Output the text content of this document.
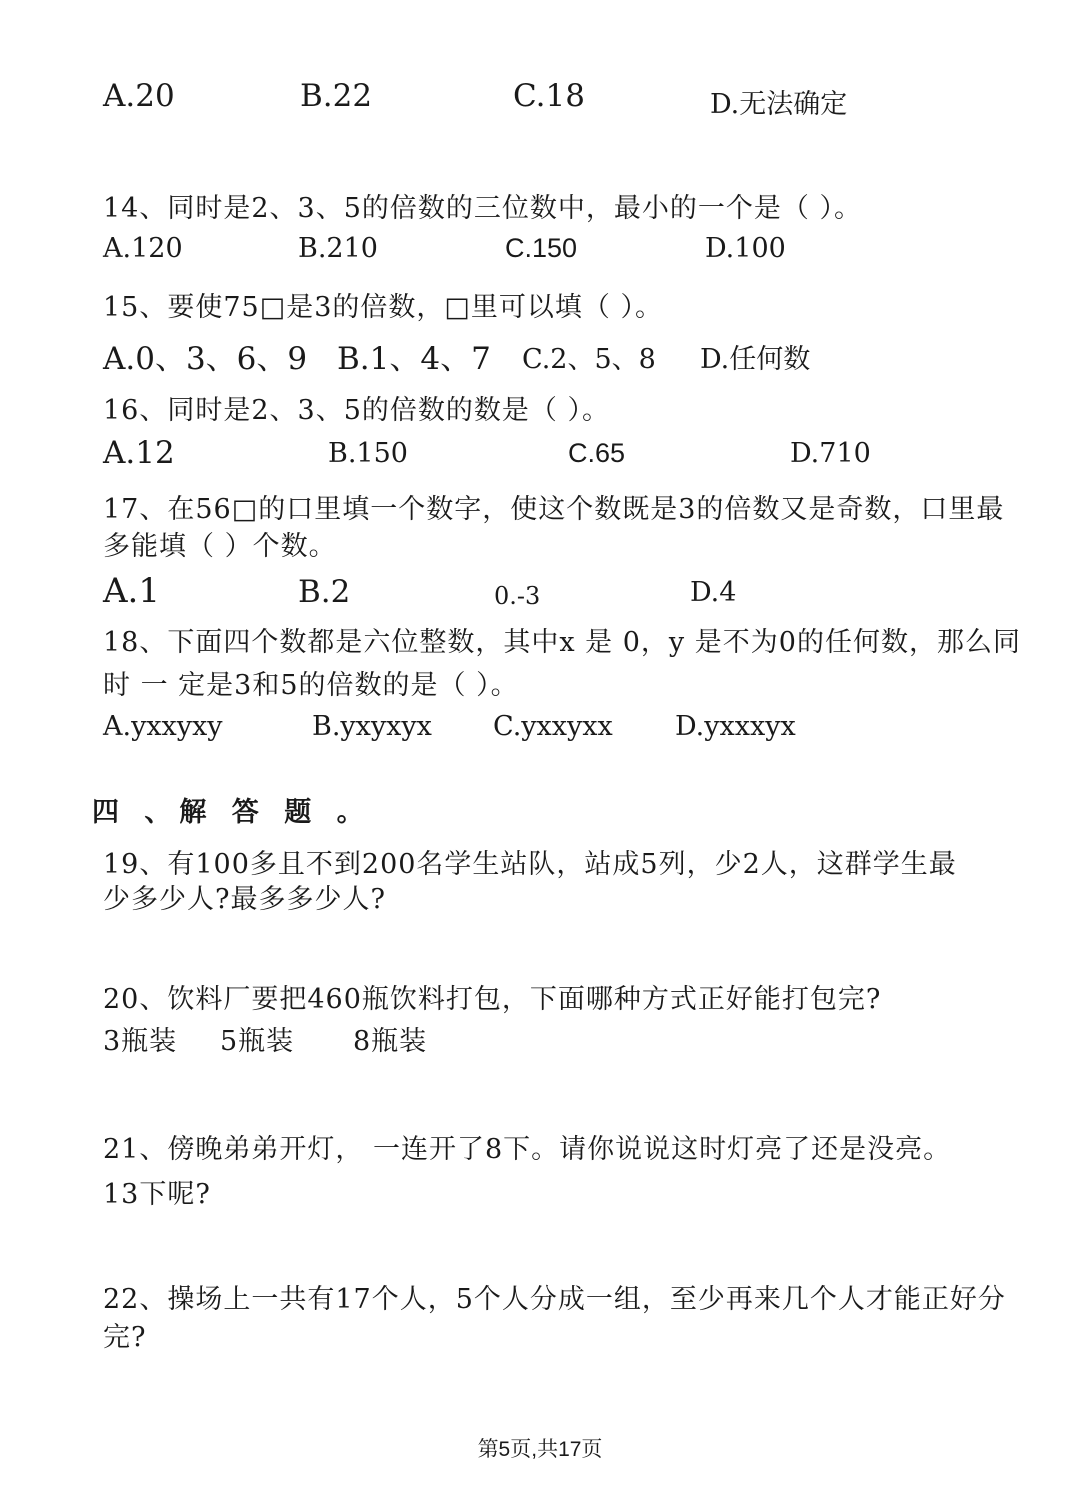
A.20	B.22	C.18	D.无法确定
14、同时是2、3、5的倍数的三位数中，最小的一个是（ ）。
A.120	B.210	C.150	D.100
15、要使75□是3的倍数，□里可以填（ ）。
A.0、3、6、9 B.1、4、7 C.2、5、8 D.任何数
16、同时是2、3、5的倍数的数是（ ）。
A.12	B.150	C.65	D.710
17、在56□的口里填一个数字，使这个数既是3的倍数又是奇数，口里最
多能填（ ）个数。
A.1	B.2	0.-3	D.4
18、下面四个数都是六位整数，其中x 是 0，y 是不为0的任何数，那么同
时 一 定是3和5的倍数的是（ ）。
A.yxxyxy	B.yxyxyx C.yxxyxx D.yxxxyx
四 、解 答 题 。
19、有100多且不到200名学生站队，站成5列，少2人，这群学生最
少多少人?最多多少人?
20、饮料厂要把460瓶饮料打包，下面哪种方式正好能打包完?
3瓶装 5瓶装 8瓶装
21、傍晚弟弟开灯， 一连开了8下。请你说说这时灯亮了还是没亮。
13下呢?
22、操场上一共有17个人，5个人分成一组，至少再来几个人才能正好分
完?
第5页,共17页
